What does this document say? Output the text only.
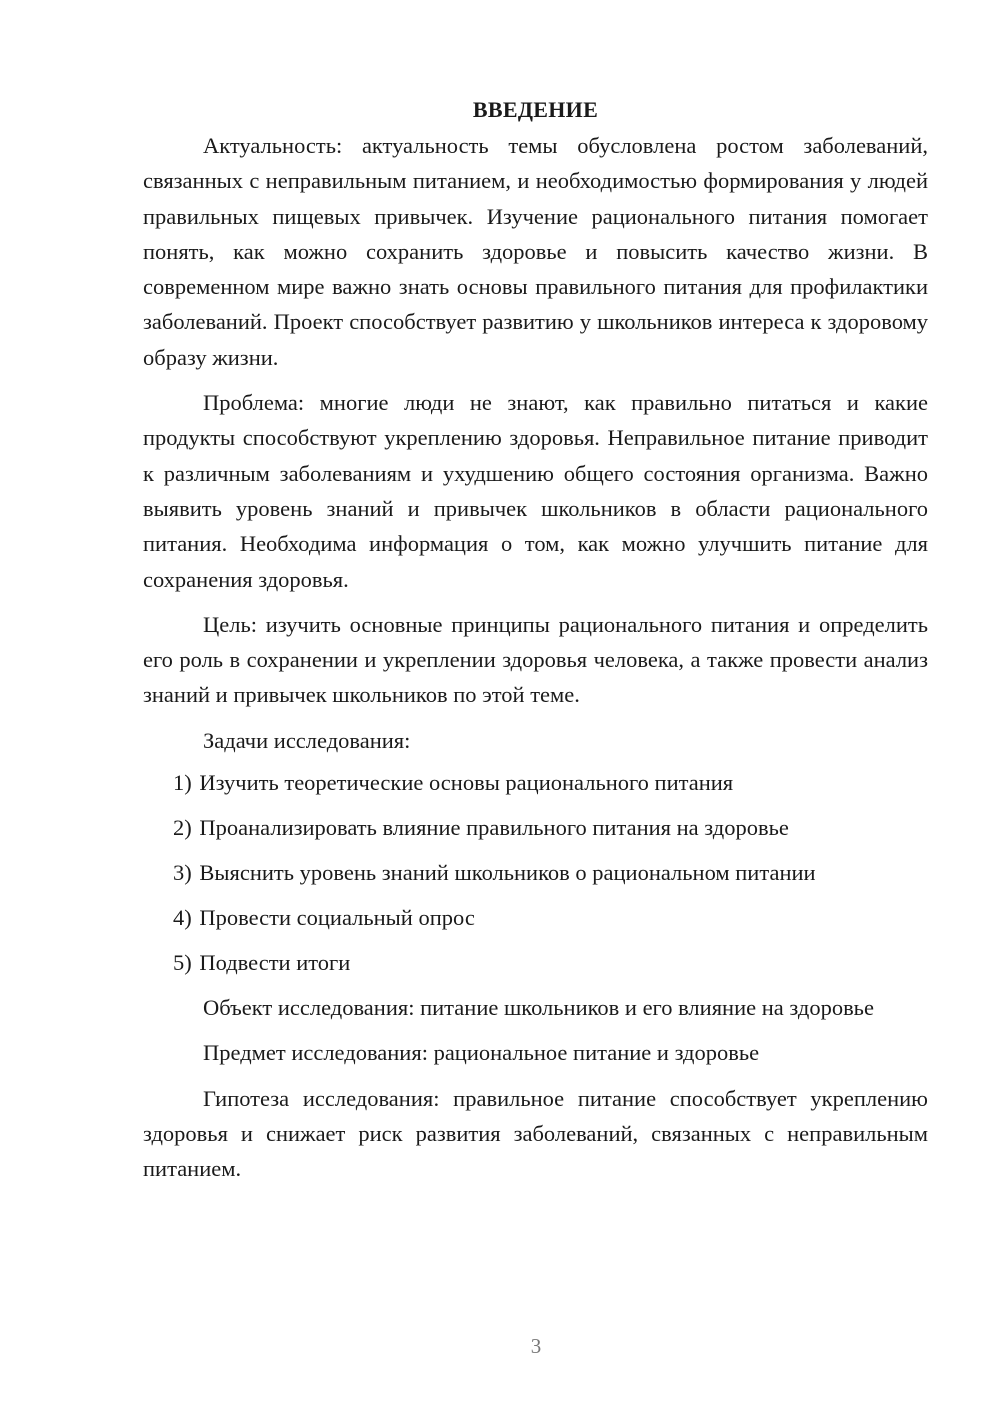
ВВЕДЕНИЕ

Актуальность: актуальность темы обусловлена ростом заболеваний, связанных с неправильным питанием, и необходимостью формирования у людей правильных пищевых привычек. Изучение рационального питания помогает понять, как можно сохранить здоровье и повысить качество жизни. В современном мире важно знать основы правильного питания для профилактики заболеваний. Проект способствует развитию у школьников интереса к здоровому образу жизни.

Проблема: многие люди не знают, как правильно питаться и какие продукты способствуют укреплению здоровья. Неправильное питание приводит к различным заболеваниям и ухудшению общего состояния организма. Важно выявить уровень знаний и привычек школьников в области рационального питания. Необходима информация о том, как можно улучшить питание для сохранения здоровья.

Цель: изучить основные принципы рационального питания и определить его роль в сохранении и укреплении здоровья человека, а также провести анализ знаний и привычек школьников по этой теме.

Задачи исследования:

1) Изучить теоретические основы рационального питания
2) Проанализировать влияние правильного питания на здоровье
3) Выяснить уровень знаний школьников о рациональном питании
4) Провести социальный опрос
5) Подвести итоги

Объект исследования: питание школьников и его влияние на здоровье

Предмет исследования: рациональное питание и здоровье

Гипотеза исследования: правильное питание способствует укреплению здоровья и снижает риск развития заболеваний, связанных с неправильным питанием.

3
